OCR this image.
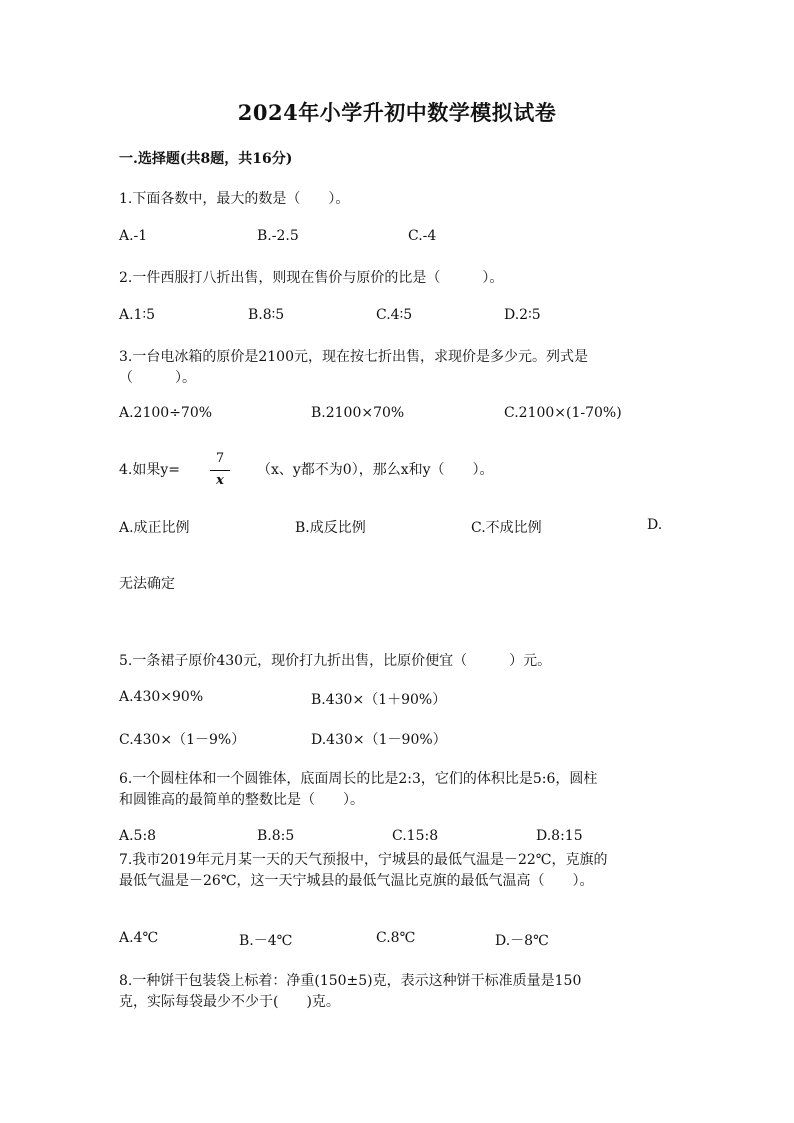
2024年小学升初中数学模拟试卷
一.选择题(共8题，共16分)
1.下面各数中，最大的数是（　　）。
A.-1	B.-2.5	C.-4
2.一件西服打八折出售，则现在售价与原价的比是（　　　）。
A.1∶5	B.8∶5	C.4∶5	D.2∶5
3.一台电冰箱的原价是2100元，现在按七折出售，求现价是多少元。列式是
（　　　）。
A.2100÷70%	B.2100×70%	C.2100×(1-70%)
4.如果$y= \frac{7}{x} (x$、y都不为0），那么x和y（　　）。
A.成正比例	B.成反比例	C.不成比例	D.
无法确定
5.一条裙子原价430元，现价打九折出售，比原价便宜（　　　）元。
A.430×90%	B.430×（1＋90%）
C.430×（1－9%）	D.430×（1－90%）
6.一个圆柱体和一个圆锥体，底面周长的比是2:3，它们的体积比是5:6，圆柱
和圆锥高的最简单的整数比是（　　）。
A.5:8	B.8:5	C.15:8	D.8:15
7.我市2019年元月某一天的天气预报中，宁城县的最低气温是－22℃，克旗的
最低气温是－26℃，这一天宁城县的最低气温比克旗的最低气温高（　　）。
A.4℃	B.－4℃	C.8℃	D.－8℃
8.一种饼干包装袋上标着：净重(150±5)克，表示这种饼干标准质量是150
克，实际每袋最少不少于(　　)克。
